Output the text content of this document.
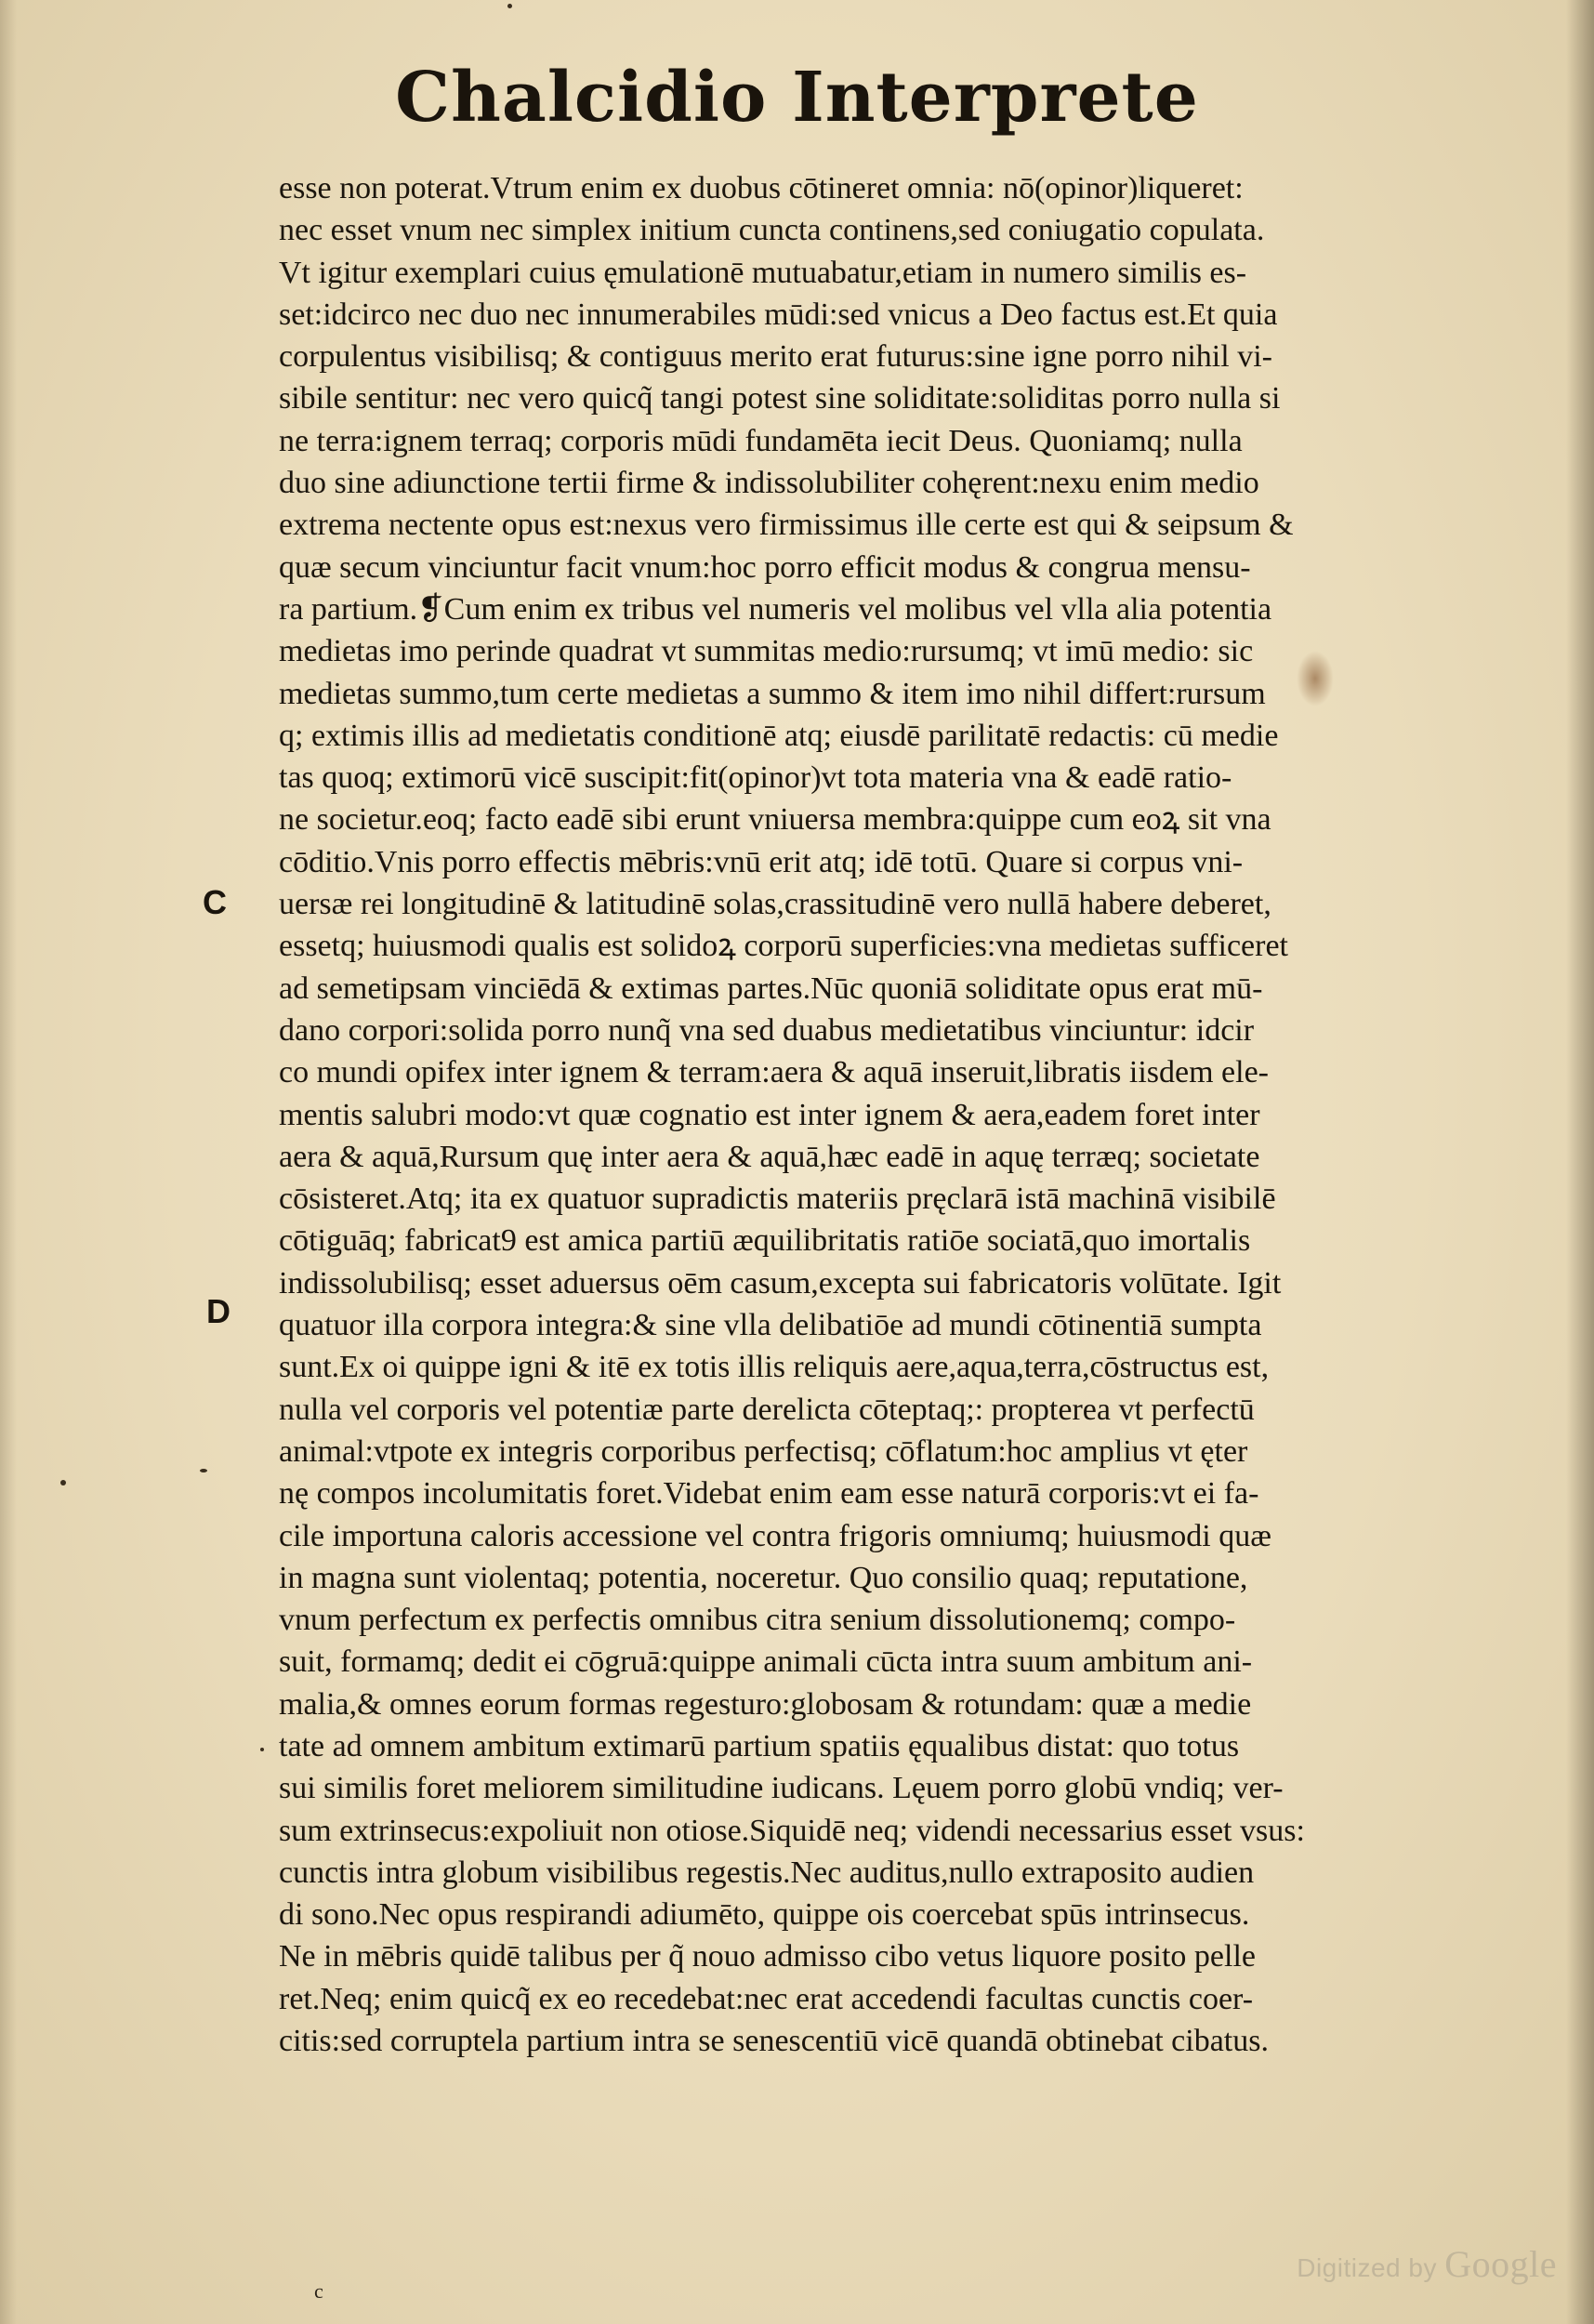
Chalcidio Interprete
esse non poterat.Vtrum enim ex duobus cōtineret omnia: nō(opinor)liqueret:
nec esset vnum nec simplex initium cuncta continens,sed coniugatio copulata.
Vt igitur exemplari cuius ęmulationē mutuabatur,etiam in numero similis es-
set:idcirco nec duo nec innumerabiles mūdi:sed vnicus a Deo factus est.Et quia
corpulentus visibilisq; & contiguus merito erat futurus:sine igne porro nihil vi-
sibile sentitur: nec vero quicq̃ tangi potest sine soliditate:soliditas porro nulla si
ne terra:ignem terraq; corporis mūdi fundamēta iecit Deus. Quoniamq; nulla
duo sine adiunctione tertii firme & indissolubiliter cohęrent:nexu enim medio
extrema nectente opus est:nexus vero firmissimus ille certe est qui & seipsum &
quæ secum vinciuntur facit vnum:hoc porro efficit modus & congrua mensu-
ra partium.❡Cum enim ex tribus vel numeris vel molibus vel vlla alia potentia
medietas imo perinde quadrat vt summitas medio:rursumq; vt imū medio: sic
medietas summo,tum certe medietas a summo & item imo nihil differt:rursum
q; extimis illis ad medietatis conditionē atq; eiusdē parilitatē redactis: cū medie
tas quoq; extimorū vicē suscipit:fit(opinor)vt tota materia vna & eadē ratio-
ne societur.eoq; facto eadē sibi erunt vniuersa membra:quippe cum eoꝝ sit vna
cōditio.Vnis porro effectis mēbris:vnū erit atq; idē totū. Quare si corpus vni-
uersæ rei longitudinē & latitudinē solas,crassitudinē vero nullā habere deberet,
essetq; huiusmodi qualis est solidoꝝ corporū superficies:vna medietas sufficeret
ad semetipsam vinciēdā & extimas partes.Nūc quoniā soliditate opus erat mū-
dano corpori:solida porro nunq̃ vna sed duabus medietatibus vinciuntur: idcir
co mundi opifex inter ignem & terram:aera & aquā inseruit,libratis iisdem ele-
mentis salubri modo:vt quæ cognatio est inter ignem & aera,eadem foret inter
aera & aquā,Rursum quę inter aera & aquā,hæc eadē in aquę terræq; societate
cōsisteret.Atq; ita ex quatuor supradictis materiis pręclarā istā machinā visibilē
cōtiguāq; fabricat9 est amica partiū æquilibritatis ratiōe sociatā,quo imortalis
indissolubilisq; esset aduersus oēm casum,excepta sui fabricatoris volūtate. Igit
quatuor illa corpora integra:& sine vlla delibatiōe ad mundi cōtinentiā sumpta
sunt.Ex oi quippe igni & itē ex totis illis reliquis aere,aqua,terra,cōstructus est,
nulla vel corporis vel potentiæ parte derelicta cōteptaq;: propterea vt perfectū
animal:vtpote ex integris corporibus perfectisq; cōflatum:hoc amplius vt ęter
nę compos incolumitatis foret.Videbat enim eam esse naturā corporis:vt ei fa-
cile importuna caloris accessione vel contra frigoris omniumq; huiusmodi quæ
in magna sunt violentaq; potentia, noceretur. Quo consilio quaq; reputatione,
vnum perfectum ex perfectis omnibus citra senium dissolutionemq; compo-
suit, formamq; dedit ei cōgruā:quippe animali cūcta intra suum ambitum ani-
malia,& omnes eorum formas regesturo:globosam & rotundam: quæ a medie
tate ad omnem ambitum extimarū partium spatiis ęqualibus distat: quo totus
sui similis foret meliorem similitudine iudicans. Lęuem porro globū vndiq; ver-
sum extrinsecus:expoliuit non otiose.Siquidē neq; videndi necessarius esset vsus:
cunctis intra globum visibilibus regestis.Nec auditus,nullo extraposito audien
di sono.Nec opus respirandi adiumēto, quippe ois coercebat spūs intrinsecus.
Ne in mēbris quidē talibus per q̃ nouo admisso cibo vetus liquore posito pelle
ret.Neq; enim quicq̃ ex eo recedebat:nec erat accedendi facultas cunctis coer-
citis:sed corruptela partium intra se senescentiū vicē quandā obtinebat cibatus.
C
D
c
Digitized by Google
